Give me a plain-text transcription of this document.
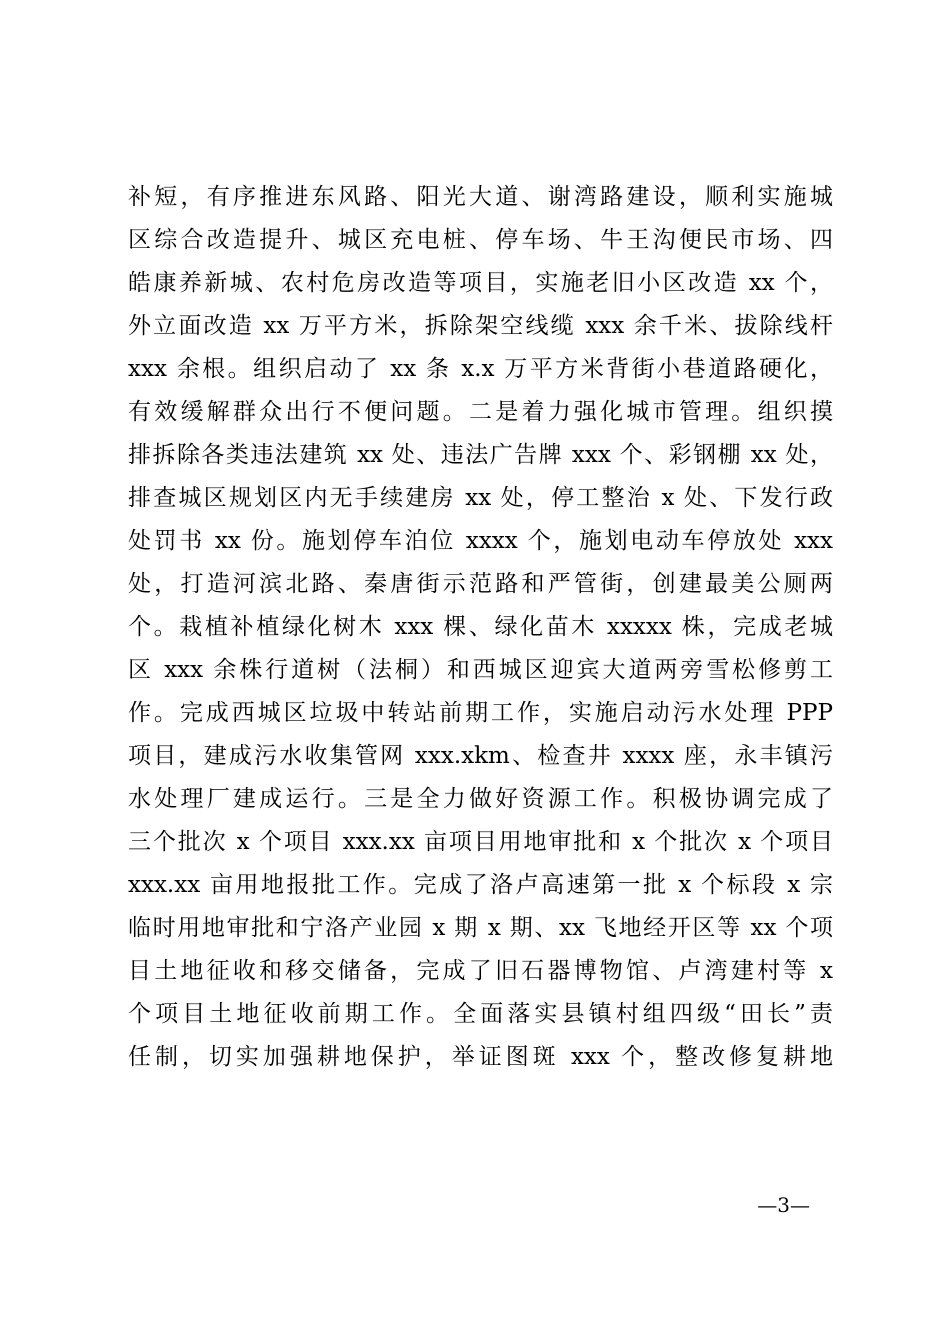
补短，有序推进东风路、阳光大道、谢湾路建设，顺利实施城
区综合改造提升、城区充电桩、停车场、牛王沟便民市场、四
皓康养新城、农村危房改造等项目，实施老旧小区改造 xx 个，
外立面改造 xx 万平方米，拆除架空线缆 xxx 余千米、拔除线杆
xxx 余根。组织启动了 xx 条 x.x 万平方米背街小巷道路硬化，
有效缓解群众出行不便问题。二是着力强化城市管理。组织摸
排拆除各类违法建筑 xx 处、违法广告牌 xxx 个、彩钢棚 xx 处，
排查城区规划区内无手续建房 xx 处，停工整治 x 处、下发行政
处罚书 xx 份。施划停车泊位 xxxx 个，施划电动车停放处 xxx
处，打造河滨北路、秦唐街示范路和严管街，创建最美公厕两
个。栽植补植绿化树木 xxx 棵、绿化苗木 xxxxx 株，完成老城
区 xxx 余株行道树（法桐）和西城区迎宾大道两旁雪松修剪工
作。完成西城区垃圾中转站前期工作，实施启动污水处理 PPP
项目，建成污水收集管网 xxx.xkm、检查井 xxxx 座，永丰镇污
水处理厂建成运行。三是全力做好资源工作。积极协调完成了
三个批次 x 个项目 xxx.xx 亩项目用地审批和 x 个批次 x 个项目
xxx.xx 亩用地报批工作。完成了洛卢高速第一批 x 个标段 x 宗
临时用地审批和宁洛产业园 x 期 x 期、xx 飞地经开区等 xx 个项
目土地征收和移交储备，完成了旧石器博物馆、卢湾建村等 x
个项目土地征收前期工作。全面落实县镇村组四级“田长”责
任制，切实加强耕地保护，举证图斑 xxx 个，整改修复耕地
—3—
